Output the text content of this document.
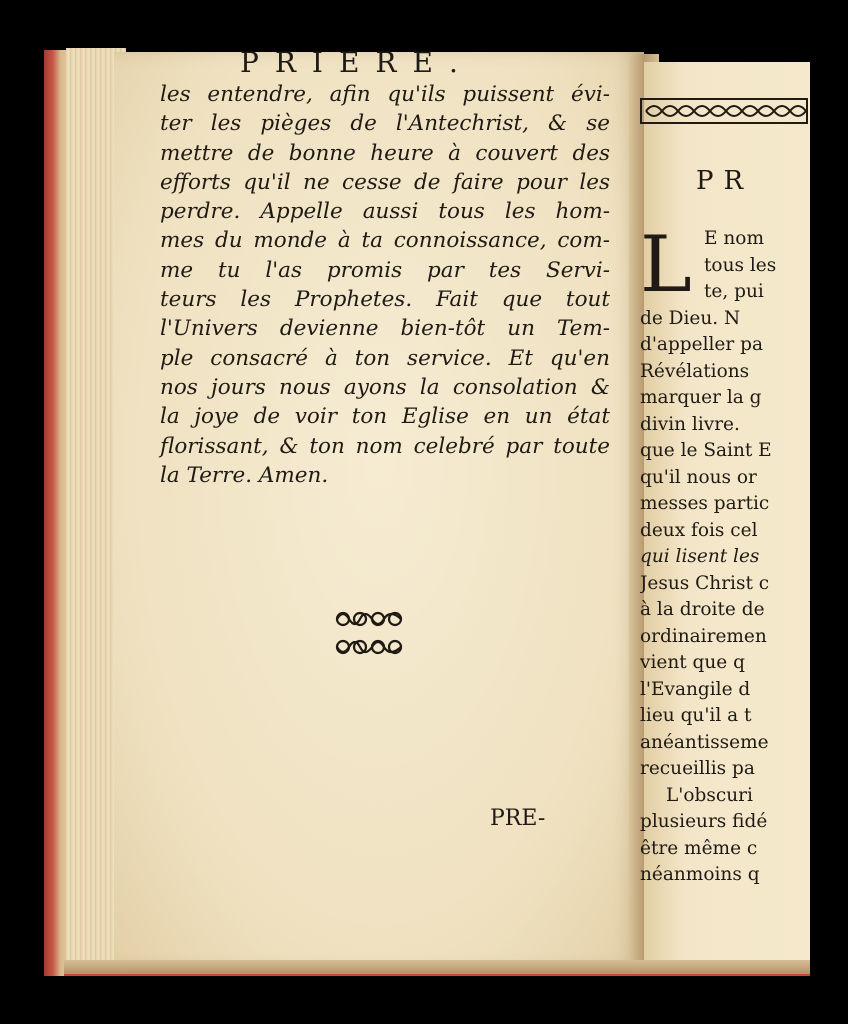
PRIERE.
les entendre, afin qu'ils puissent évi-
ter les pièges de l'Antechrist, & se
mettre de bonne heure à couvert des
efforts qu'il ne cesse de faire pour les
perdre. Appelle aussi tous les hom-
mes du monde à ta connoissance, com-
me tu l'as promis par tes Servi-
teurs les Prophetes. Fait que tout
l'Univers devienne bien-tôt un Tem-
ple consacré à ton service. Et qu'en
nos jours nous ayons la consolation &
la joye de voir ton Eglise en un état
florissant, & ton nom celebré par toute
la Terre. Amen.
PRE-
PR
L E nom
tous les
te, pui
de Dieu. N
d'appeller pa
Révélations
marquer la g
divin livre.
que le Saint E
qu'il nous or
messes partic
deux fois cel
qui lisent les
Jesus Christ c
à la droite de
ordinairemen
vient que q
l'Evangile d
lieu qu'il a t
anéantisseme
recueillis pa
L'obscuri
plusieurs fidé
être même c
néanmoins q
